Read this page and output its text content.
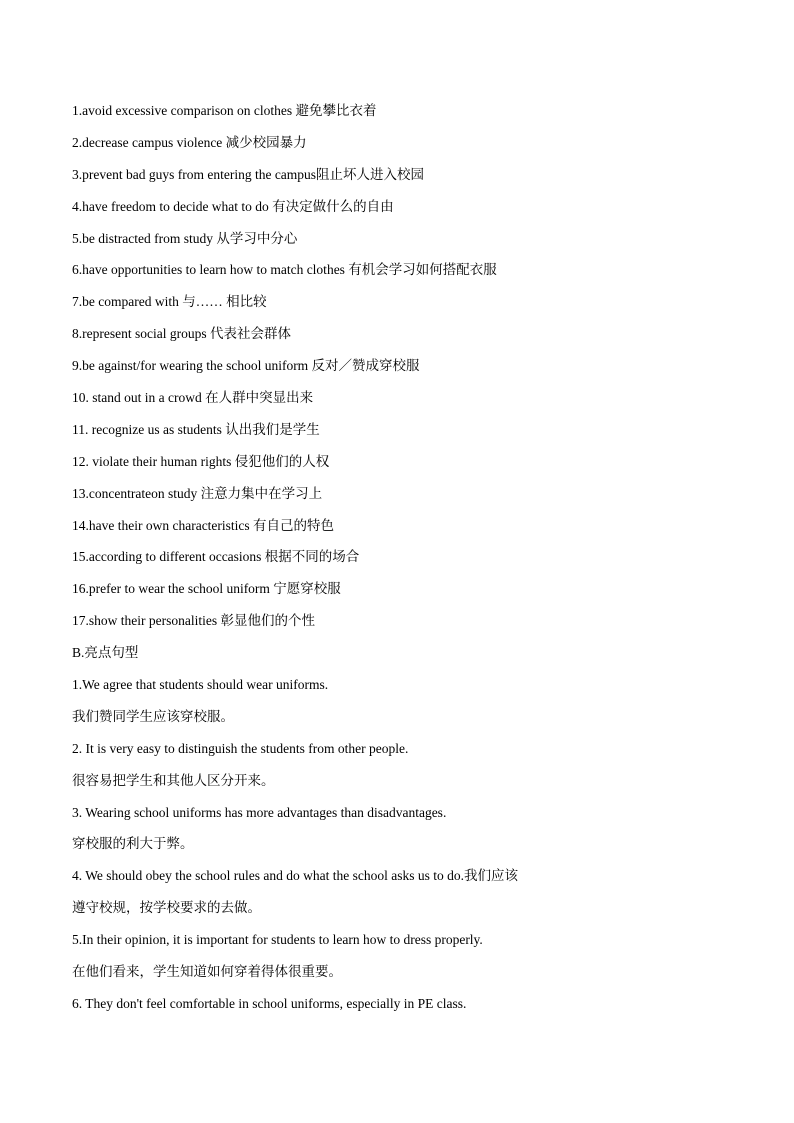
1.avoid excessive comparison on clothes 避免攀比衣着
2.decrease campus violence 减少校园暴力
3.prevent bad guys from entering the campus阻止坏人进入校园
4.have freedom to decide what to do 有决定做什么的自由
5.be distracted from study 从学习中分心
6.have opportunities to learn how to match clothes 有机会学习如何搭配衣服
7.be compared with 与…… 相比较
8.represent social groups 代表社会群体
9.be against/for wearing the school uniform 反对／赞成穿校服
10. stand out in a crowd 在人群中突显出来
11. recognize us as students 认出我们是学生
12. violate their human rights 侵犯他们的人权
13.concentrateon study 注意力集中在学习上
14.have their own characteristics 有自己的特色
15.according to different occasions 根据不同的场合
16.prefer to wear the school uniform 宁愿穿校服
17.show their personalities 彰显他们的个性
B.亮点句型
1.We agree that students should wear uniforms.
我们赞同学生应该穿校服。
2. It is very easy to distinguish the students from other people.
很容易把学生和其他人区分开来。
3. Wearing school uniforms has more advantages than disadvantages.
穿校服的利大于弊。
4. We should obey the school rules and do what the school asks us to do.我们应该
遵守校规，按学校要求的去做。
5.In their opinion, it is important for students to learn how to dress properly.
在他们看来，学生知道如何穿着得体很重要。
6. They don't feel comfortable in school uniforms, especially in PE class.
